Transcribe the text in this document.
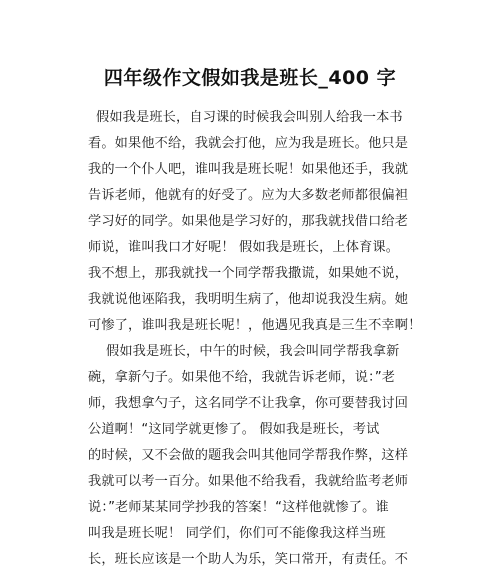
四年级作文假如我是班长_400 字
假如我是班长，自习课的时候我会叫别人给我一本书
看。如果他不给，我就会打他，应为我是班长。他只是
我的一个仆人吧，谁叫我是班长呢！如果他还手，我就
告诉老师，他就有的好受了。应为大多数老师都很偏袒
学习好的同学。如果他是学习好的，那我就找借口给老
师说，谁叫我口才好呢！ 假如我是班长，上体育课。
我不想上，那我就找一个同学帮我撒谎，如果她不说，
我就说他诬陷我，我明明生病了，他却说我没生病。她
可惨了，谁叫我是班长呢！，他遇见我真是三生不幸啊！
假如我是班长，中午的时候，我会叫同学帮我拿新
碗，拿新勺子。如果他不给，我就告诉老师，说：”老
师，我想拿勺子，这名同学不让我拿，你可要替我讨回
公道啊！“这同学就更惨了。 假如我是班长，考试
的时候，又不会做的题我会叫其他同学帮我作弊，这样
我就可以考一百分。如果他不给我看，我就给监考老师
说：”老师某某同学抄我的答案！“这样他就惨了。谁
叫我是班长呢！ 同学们，你们可不能像我这样当班
长，班长应该是一个助人为乐，笑口常开，有责任。不
